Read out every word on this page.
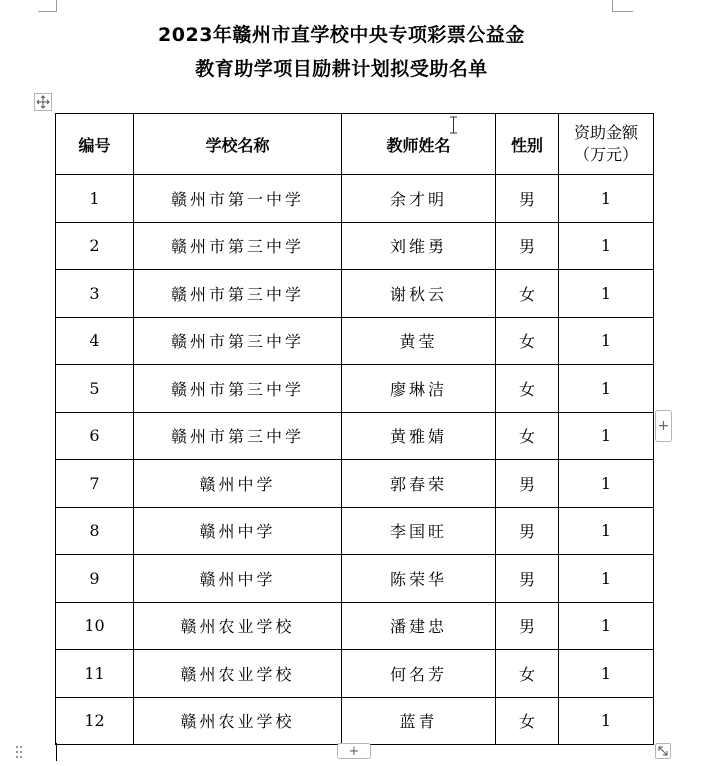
2023年赣州市直学校中央专项彩票公益金
教育助学项目励耕计划拟受助名单
编号	学校名称	教师姓名	性别	资助金额
（万元）

1	赣州市第一中学	余才明	男	1
2	赣州市第三中学	刘维勇	男	1
3	赣州市第三中学	谢秋云	女	1
4	赣州市第三中学	黄莹	女	1
5	赣州市第三中学	廖琳洁	女	1
6	赣州市第三中学	黄雅婧	女	1
7	赣州中学	郭春荣	男	1
8	赣州中学	李国旺	男	1
9	赣州中学	陈荣华	男	1
10	赣州农业学校	潘建忠	男	1
11	赣州农业学校	何名芳	女	1
12	赣州农业学校	蓝青	女	1
+
+
